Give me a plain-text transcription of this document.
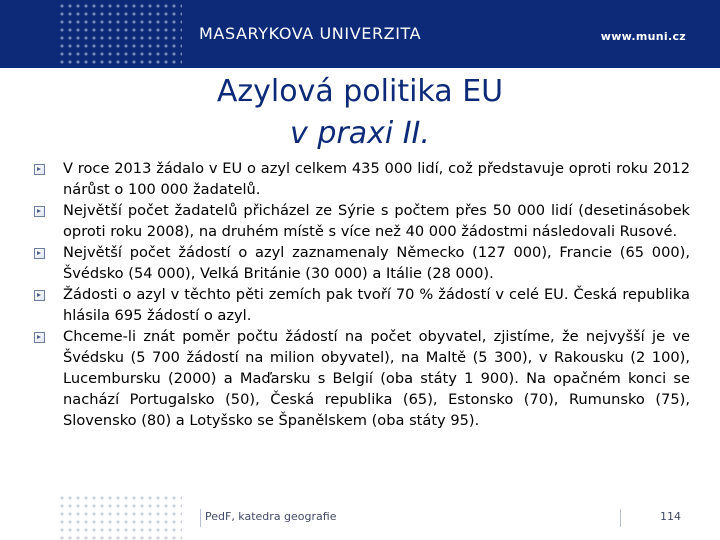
MASARYKOVA UNIVERZITA	www.muni.cz
Azylová politika EU
v praxi II.
V roce 2013 žádalo v EU o azyl celkem 435 000 lidí, což představuje oproti roku 2012 nárůst o 100 000 žadatelů.
Největší počet žadatelů přicházel ze Sýrie s počtem přes 50 000 lidí (desetinásobek oproti roku 2008), na druhém místě s více než 40 000 žádostmi následovali Rusové.
Největší počet žádostí o azyl zaznamenaly Německo (127 000), Francie (65 000), Švédsko (54 000), Velká Británie (30 000) a Itálie (28 000).
Žádosti o azyl v těchto pěti zemích pak tvoří 70 % žádostí v celé EU. Česká republika hlásila 695 žádostí o azyl.
Chceme-li znát poměr počtu žádostí na počet obyvatel, zjistíme, že nejvyšší je ve Švédsku (5 700 žádostí na milion obyvatel), na Maltě (5 300), v Rakousku (2 100), Lucembursku (2000) a Maďarsku s Belgií (oba státy 1 900). Na opačném konci se nachází Portugalsko (50), Česká republika (65), Estonsko (70), Rumunsko (75), Slovensko (80) a Lotyšsko se Španělskem (oba státy 95).
PedF, katedra geografie	114
